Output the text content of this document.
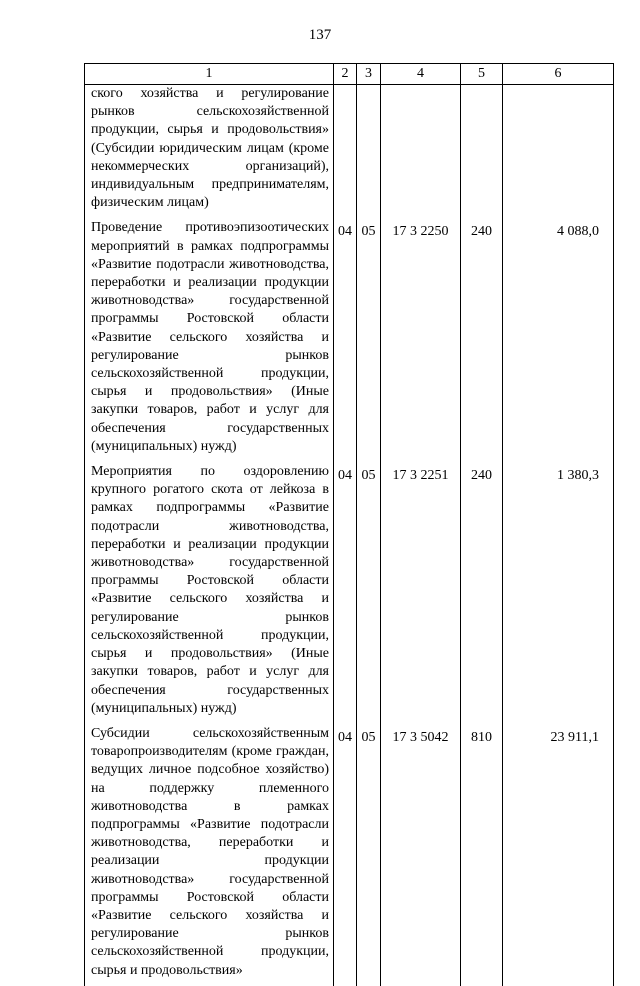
137
1	2	3	4	5	6
ского хозяйства и регулирование рынков сельскохозяйственной продукции, сырья и продовольствия» (Субсидии юридическим лицам (кроме некоммерческих организаций), индивидуальным предпринимателям, физическим лицам)					
Проведение противоэпизоотических мероприятий в рамках подпрограммы «Развитие подотрасли животноводства, переработки и реализации продукции животноводства» государственной программы Ростовской области «Развитие сельского хозяйства и регулирование рынков сельскохозяйственной продукции, сырья и продовольствия» (Иные закупки товаров, работ и услуг для обеспечения государственных (муниципальных) нужд)	04	05	17 3 2250	240	4 088,0
Мероприятия по оздоровлению крупного рогатого скота от лейкоза в рамках подпрограммы «Развитие подотрасли животноводства, переработки и реализации продукции животноводства» государственной программы Ростовской области «Развитие сельского хозяйства и регулирование рынков сельскохозяйственной продукции, сырья и продовольствия» (Иные закупки товаров, работ и услуг для обеспечения государственных (муниципальных) нужд)	04	05	17 3 2251	240	1 380,3
Субсидии сельскохозяйственным товаропроизводителям (кроме граждан, ведущих личное подсобное хозяйство) на поддержку племенного животноводства в рамках подпрограммы «Развитие подотрасли животноводства, переработки и реализации продукции животноводства» государственной программы Ростовской области «Развитие сельского хозяйства и регулирование рынков сельскохозяйственной продукции, сырья и продовольствия»	04	05	17 3 5042	810	23 911,1
